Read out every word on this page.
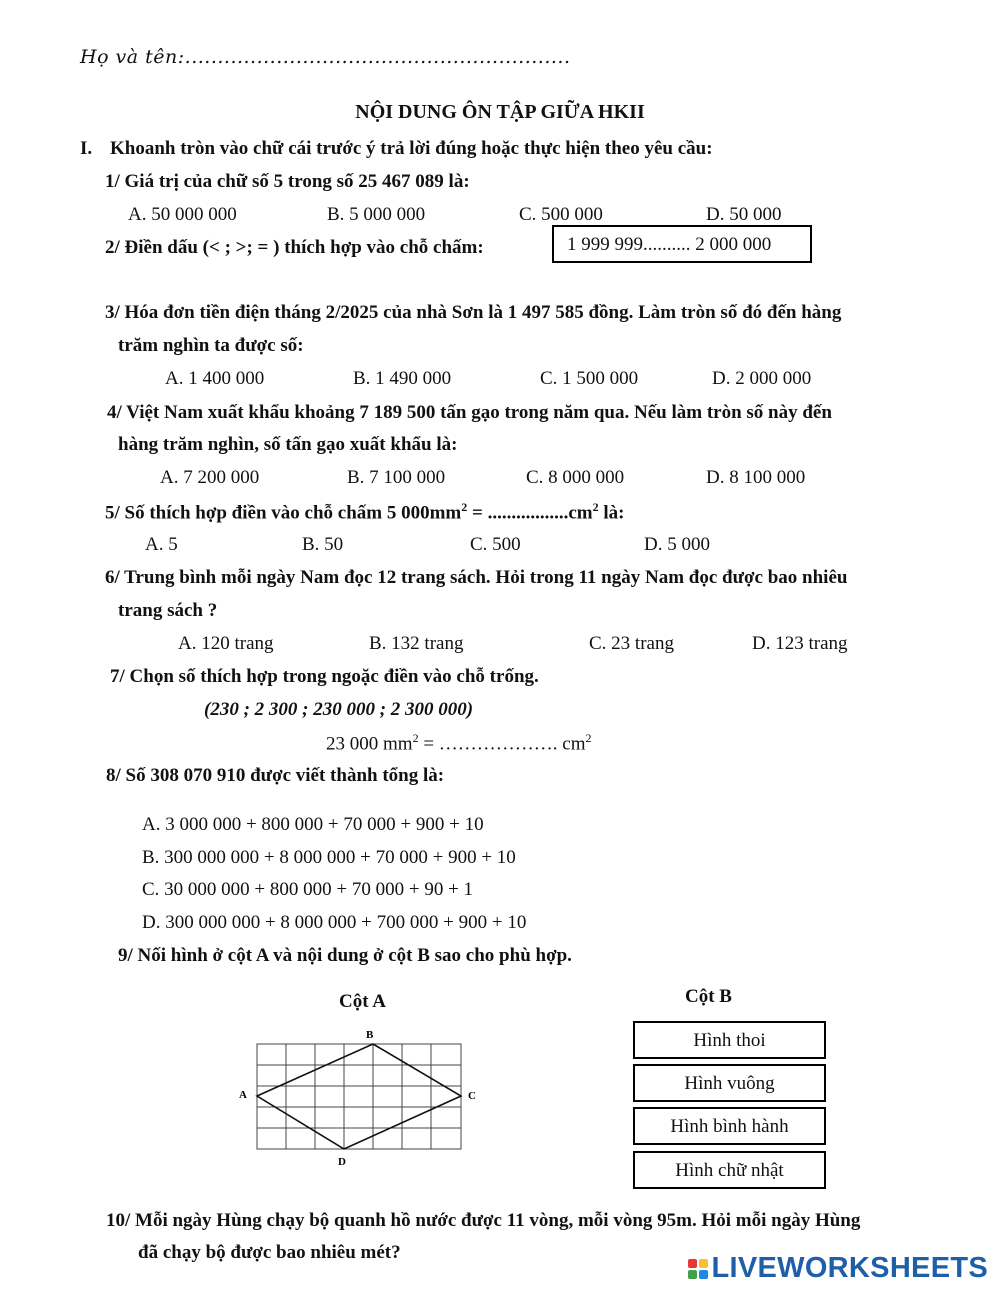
Họ và tên:...........................................................
NỘI DUNG ÔN TẬP GIỮA HKII
I. Khoanh tròn vào chữ cái trước ý trả lời đúng hoặc thực hiện theo yêu cầu:
1/ Giá trị của chữ số 5 trong số 25 467 089 là:
A. 50 000 000	B. 5 000 000	C. 500 000	D. 50 000
2/ Điền dấu (< ; >; = ) thích hợp vào chỗ chấm:	1 999 999.......... 2 000 000
3/ Hóa đơn tiền điện tháng 2/2025 của nhà Sơn là 1 497 585 đồng. Làm tròn số đó đến hàng
trăm nghìn ta được số:
A. 1 400 000	B. 1 490 000	C. 1 500 000	D. 2 000 000
4/ Việt Nam xuất khẩu khoảng 7 189 500 tấn gạo trong năm qua. Nếu làm tròn số này đến
hàng trăm nghìn, số tấn gạo xuất khẩu là:
A. 7 200 000	B. 7 100 000	C. 8 000 000	D. 8 100 000
5/ Số thích hợp điền vào chỗ chấm 5 $000mm^2 = .................cm^2$ là:
A. 5	B. 50	C. 500	D. 5 000
6/ Trung bình mỗi ngày Nam đọc 12 trang sách. Hỏi trong 11 ngày Nam đọc được bao nhiêu
trang sách ?
A. 120 trang	B. 132 trang	C. 23 trang	D. 123 trang
7/ Chọn số thích hợp trong ngoặc điền vào chỗ trống.
(230 ; 2 300 ; 230 000 ; 2 300 000)
23 000 $mm^2$ = ………………. $cm^2$
8/ Số 308 070 910 được viết thành tổng là:
A. 3 000 000 + 800 000 + 70 000 + 900 + 10
B. 300 000 000 + 8 000 000 + 70 000 + 900 + 10
C. 30 000 000 + 800 000 + 70 000 + 90 + 1
D. 300 000 000 + 8 000 000 + 700 000 + 900 + 10
9/ Nối hình ở cột A và nội dung ở cột B sao cho phù hợp.
Cột A	Cột B
A
B
C
D
Hình thoi
Hình vuông
Hình bình hành
Hình chữ nhật
10/ Mỗi ngày Hùng chạy bộ quanh hồ nước được 11 vòng, mỗi vòng 95m. Hỏi mỗi ngày Hùng
đã chạy bộ được bao nhiêu mét?	LIVEWORKSHEETS
